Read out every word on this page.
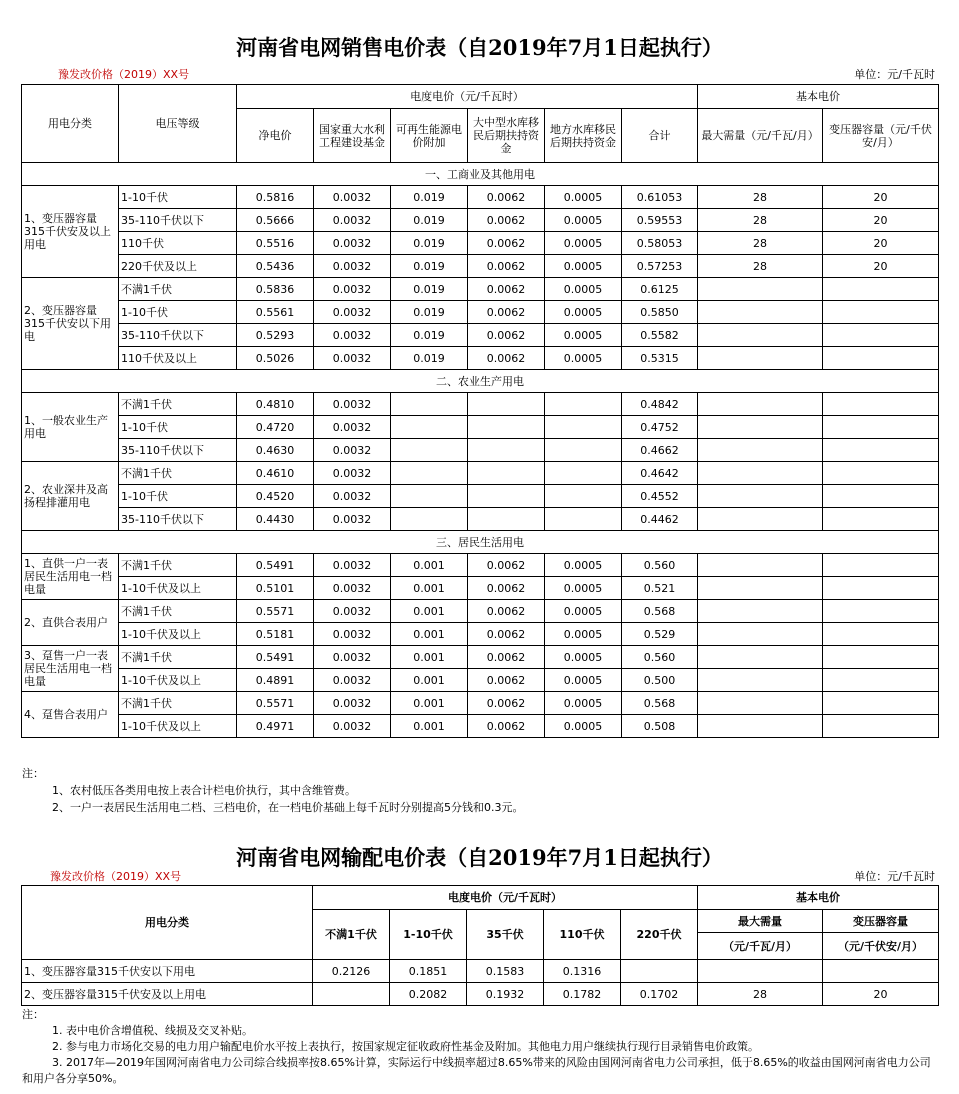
河南省电网销售电价表（自2019年7月1日起执行）
豫发改价格（2019）XX号	单位：元/千瓦时
用电分类	电压等级	电度电价（元/千瓦时）						基本电价	
		净电价	国家重大水利工程建设基金	可再生能源电价附加	大中型水库移民后期扶持资金	地方水库移民后期扶持资金	合计	最大需量（元/千瓦/月）	变压器容量（元/千伏安/月）
一、工商业及其他用电									
1、变压器容量315千伏安及以上用电	1-10千伏	0.5816	0.0032	0.019	0.0062	0.0005	0.61053	28	20
	35-110千伏以下	0.5666	0.0032	0.019	0.0062	0.0005	0.59553	28	20
	110千伏	0.5516	0.0032	0.019	0.0062	0.0005	0.58053	28	20
	220千伏及以上	0.5436	0.0032	0.019	0.0062	0.0005	0.57253	28	20
2、变压器容量315千伏安以下用电	不满1千伏	0.5836	0.0032	0.019	0.0062	0.0005	0.6125		
	1-10千伏	0.5561	0.0032	0.019	0.0062	0.0005	0.5850		
	35-110千伏以下	0.5293	0.0032	0.019	0.0062	0.0005	0.5582		
	110千伏及以上	0.5026	0.0032	0.019	0.0062	0.0005	0.5315		
二、农业生产用电									
1、一般农业生产用电	不满1千伏	0.4810	0.0032				0.4842		
	1-10千伏	0.4720	0.0032				0.4752		
	35-110千伏以下	0.4630	0.0032				0.4662		
2、农业深井及高扬程排灌用电	不满1千伏	0.4610	0.0032				0.4642		
	1-10千伏	0.4520	0.0032				0.4552		
	35-110千伏以下	0.4430	0.0032				0.4462		
三、居民生活用电									
1、直供一户一表居民生活用电一档电量	不满1千伏	0.5491	0.0032	0.001	0.0062	0.0005	0.560		
	1-10千伏及以上	0.5101	0.0032	0.001	0.0062	0.0005	0.521		
2、直供合表用户	不满1千伏	0.5571	0.0032	0.001	0.0062	0.0005	0.568		
	1-10千伏及以上	0.5181	0.0032	0.001	0.0062	0.0005	0.529		
3、趸售一户一表居民生活用电一档电量	不满1千伏	0.5491	0.0032	0.001	0.0062	0.0005	0.560		
	1-10千伏及以上	0.4891	0.0032	0.001	0.0062	0.0005	0.500		
4、趸售合表用户	不满1千伏	0.5571	0.0032	0.001	0.0062	0.0005	0.568		
	1-10千伏及以上	0.4971	0.0032	0.001	0.0062	0.0005	0.508		
注：
1、农村低压各类用电按上表合计栏电价执行，其中含维管费。
2、一户一表居民生活用电二档、三档电价，在一档电价基础上每千瓦时分别提高5分钱和0.3元。
河南省电网输配电价表（自2019年7月1日起执行）
豫发改价格（2019）XX号	单位：元/千瓦时
用电分类	电度电价（元/千瓦时）					基本电价	
	不满1千伏	1-10千伏	35千伏	110千伏	220千伏	最大需量	变压器容量
						（元/千瓦/月）	（元/千伏安/月）
1、变压器容量315千伏安以下用电	0.2126	0.1851	0.1583	0.1316			
2、变压器容量315千伏安及以上用电		0.2082	0.1932	0.1782	0.1702	28	20
注：
1. 表中电价含增值税、线损及交叉补贴。
2. 参与电力市场化交易的电力用户输配电价水平按上表执行，按国家规定征收政府性基金及附加。其他电力用户继续执行现行目录销售电价政策。
3. 2017年—2019年国网河南省电力公司综合线损率按8.65%计算，实际运行中线损率超过8.65%带来的风险由国网河南省电力公司承担，低于8.65%的收益由国网河南省电力公司和用户各分享50%。
